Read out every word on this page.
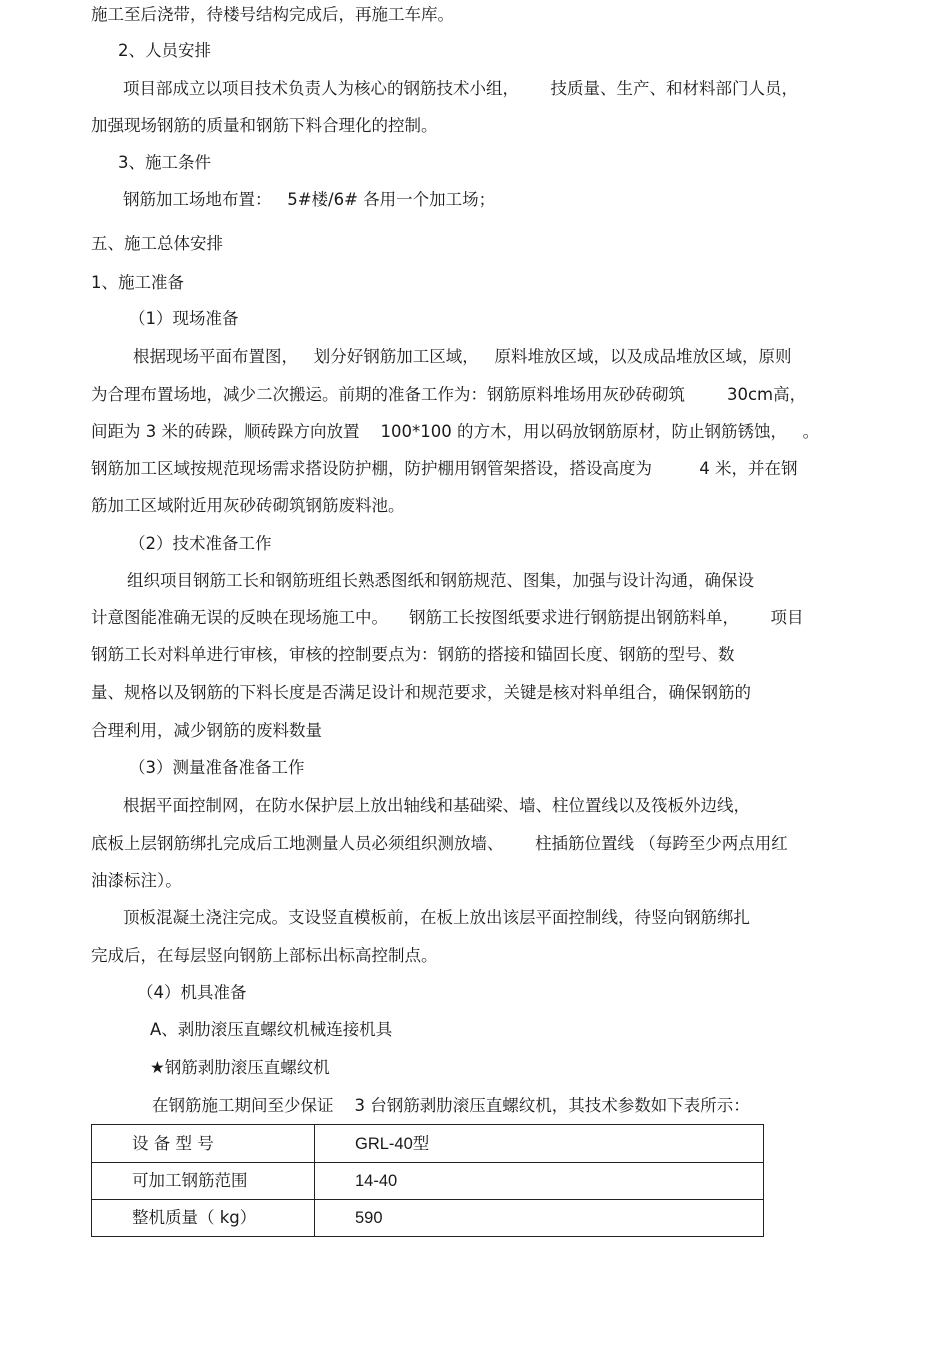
施工至后浇带，待楼号结构完成后，再施工车库。
2、人员安排
项目部成立以项目技术负责人为核心的钢筋技术小组，      技质量、生产、和材料部门人员，
加强现场钢筋的质量和钢筋下料合理化的控制。
3、施工条件
钢筋加工场地布置：   5#楼/6# 各用一个加工场；
五、施工总体安排
1、施工准备
（1）现场准备
根据现场平面布置图，   划分好钢筋加工区域，   原料堆放区域，以及成品堆放区域，原则
为合理布置场地，减少二次搬运。前期的准备工作为：钢筋原料堆场用灰砂砖砌筑        30cm高，
间距为 3 米的砖跺，顺砖跺方向放置    100*100 的方木，用以码放钢筋原材，防止钢筋锈蚀，   。
钢筋加工区域按规范现场需求搭设防护棚，防护棚用钢管架搭设，搭设高度为         4 米，并在钢
筋加工区域附近用灰砂砖砌筑钢筋废料池。
（2）技术准备工作
组织项目钢筋工长和钢筋班组长熟悉图纸和钢筋规范、图集，加强与设计沟通，确保设
计意图能准确无误的反映在现场施工中。    钢筋工长按图纸要求进行钢筋提出钢筋料单，      项目
钢筋工长对料单进行审核，审核的控制要点为：钢筋的搭接和锚固长度、钢筋的型号、数
量、规格以及钢筋的下料长度是否满足设计和规范要求，关键是核对料单组合，确保钢筋的
合理利用，减少钢筋的废料数量
（3）测量准备准备工作
根据平面控制网，在防水保护层上放出轴线和基础梁、墙、柱位置线以及筏板外边线，
底板上层钢筋绑扎完成后工地测量人员必须组织测放墙、      柱插筋位置线 （每跨至少两点用红
油漆标注）。
顶板混凝土浇注完成。支设竖直模板前，在板上放出该层平面控制线，待竖向钢筋绑扎
完成后，在每层竖向钢筋上部标出标高控制点。
（4）机具准备
A、剥肋滚压直螺纹机械连接机具
★钢筋剥肋滚压直螺纹机
在钢筋施工期间至少保证    3 台钢筋剥肋滚压直螺纹机，其技术参数如下表所示：
设 备 型 号	GRL-40型
可加工钢筋范围	14-40
整机质量（ kg）	590
